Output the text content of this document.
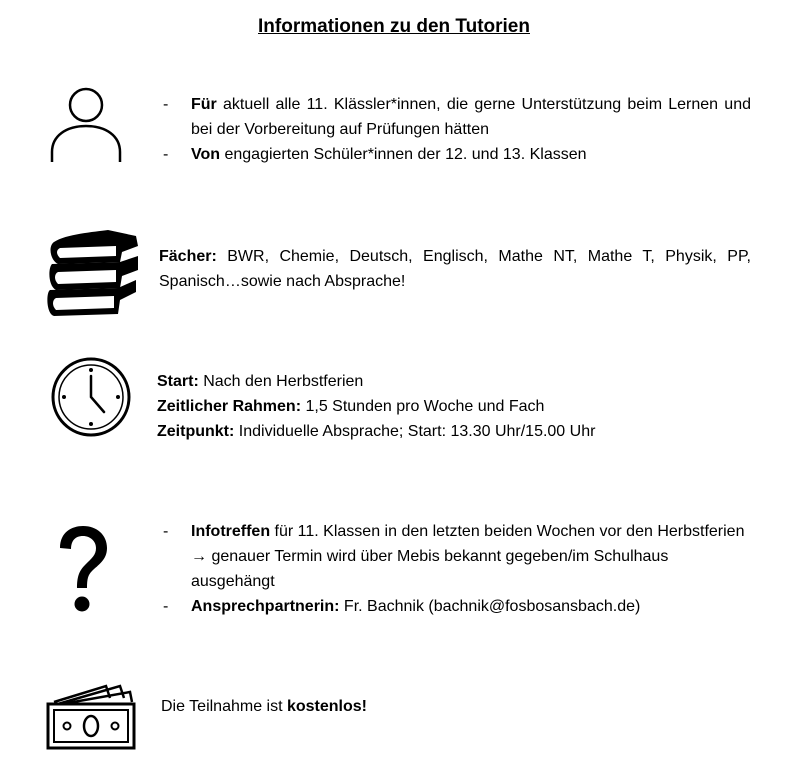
Informationen zu den Tutorien
-	Für aktuell alle 11. Klässler*innen, die gerne Unterstützung beim Lernen und bei der Vorbereitung auf Prüfungen hätten
-	Von engagierten Schüler*innen der 12. und 13. Klassen
Fächer: BWR, Chemie, Deutsch, Englisch, Mathe NT, Mathe T, Physik, PP, Spanisch…sowie nach Absprache!
Start: Nach den Herbstferien
Zeitlicher Rahmen: 1,5 Stunden pro Woche und Fach
Zeitpunkt: Individuelle Absprache; Start: 13.30 Uhr/15.00 Uhr
-	Infotreffen für 11. Klassen in den letzten beiden Wochen vor den Herbstferien → genauer Termin wird über Mebis bekannt gegeben/im Schulhaus ausgehängt
-	Ansprechpartnerin: Fr. Bachnik (bachnik@fosbosansbach.de)
Die Teilnahme ist kostenlos!
